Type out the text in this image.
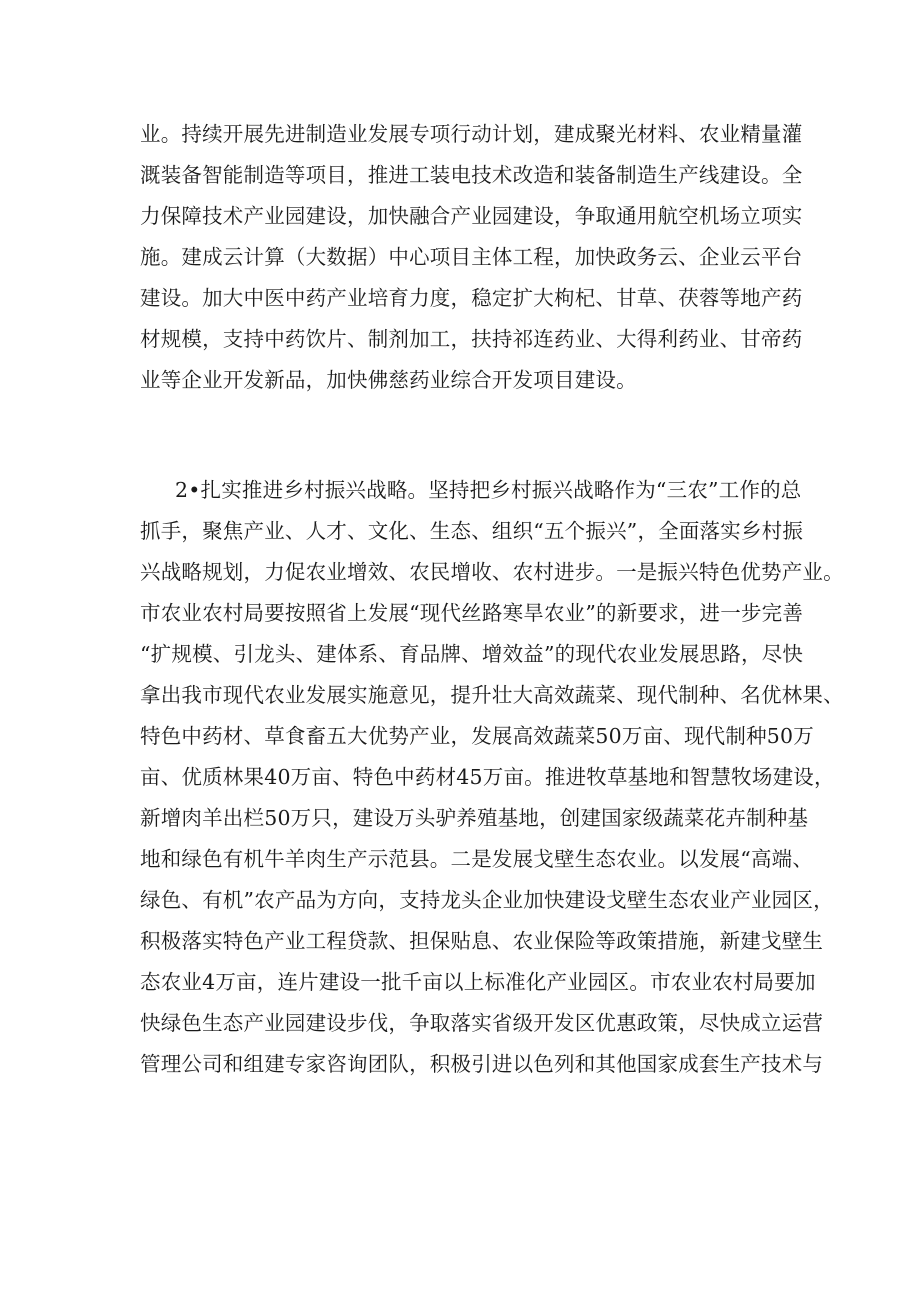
业。持续开展先进制造业发展专项行动计划，建成聚光材料、农业精量灌
溉装备智能制造等项目，推进工装电技术改造和装备制造生产线建设。全
力保障技术产业园建设，加快融合产业园建设，争取通用航空机场立项实
施。建成云计算（大数据）中心项目主体工程，加快政务云、企业云平台
建设。加大中医中药产业培育力度，稳定扩大枸杞、甘草、茯蓉等地产药
材规模，支持中药饮片、制剂加工，扶持祁连药业、大得利药业、甘帝药
业等企业开发新品，加快佛慈药业综合开发项目建设。
2•扎实推进乡村振兴战略。坚持把乡村振兴战略作为“三农”工作的总
抓手，聚焦产业、人才、文化、生态、组织“五个振兴”，全面落实乡村振
兴战略规划，力促农业增效、农民增收、农村进步。一是振兴特色优势产业。
市农业农村局要按照省上发展“现代丝路寒旱农业”的新要求，进一步完善
“扩规模、引龙头、建体系、育品牌、增效益”的现代农业发展思路，尽快
拿出我市现代农业发展实施意见，提升壮大高效蔬菜、现代制种、名优林果、
特色中药材、草食畜五大优势产业，发展高效蔬菜50万亩、现代制种50万
亩、优质林果40万亩、特色中药材45万亩。推进牧草基地和智慧牧场建设，
新增肉羊出栏50万只，建设万头驴养殖基地，创建国家级蔬菜花卉制种基
地和绿色有机牛羊肉生产示范县。二是发展戈壁生态农业。以发展“高端、
绿色、有机”农产品为方向，支持龙头企业加快建设戈壁生态农业产业园区，
积极落实特色产业工程贷款、担保贴息、农业保险等政策措施，新建戈壁生
态农业4万亩，连片建设一批千亩以上标准化产业园区。市农业农村局要加
快绿色生态产业园建设步伐，争取落实省级开发区优惠政策，尽快成立运营
管理公司和组建专家咨询团队，积极引进以色列和其他国家成套生产技术与
